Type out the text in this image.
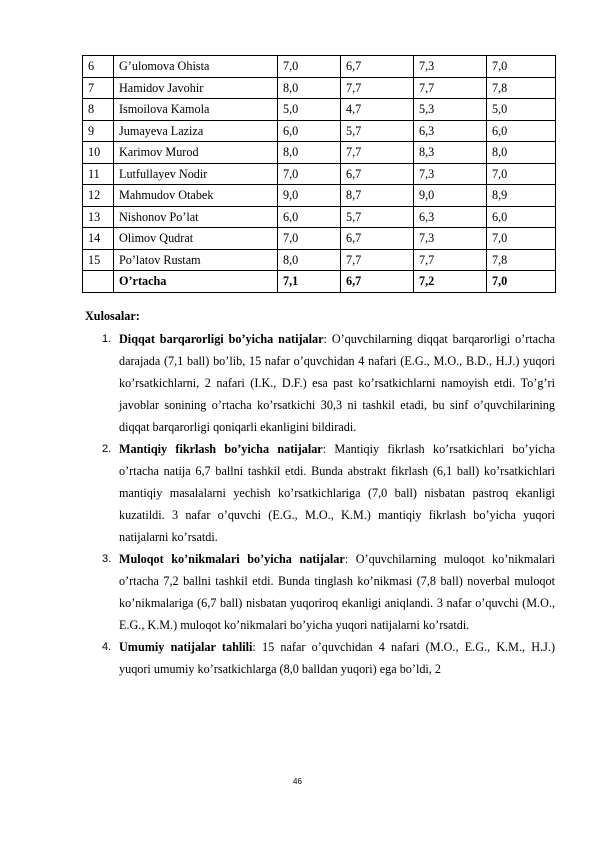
6	G’ulomova Ohista	7,0	6,7	7,3	7,0
7	Hamidov Javohir	8,0	7,7	7,7	7,8
8	Ismoilova Kamola	5,0	4,7	5,3	5,0
9	Jumayeva Laziza	6,0	5,7	6,3	6,0
10	Karimov Murod	8,0	7,7	8,3	8,0
11	Lutfullayev Nodir	7,0	6,7	7,3	7,0
12	Mahmudov Otabek	9,0	8,7	9,0	8,9
13	Nishonov Po’lat	6,0	5,7	6,3	6,0
14	Olimov Qudrat	7,0	6,7	7,3	7,0
15	Po’latov Rustam	8,0	7,7	7,7	7,8
	O’rtacha	7,1	6,7	7,2	7,0
Xulosalar:
1. Diqqat barqarorligi bo’yicha natijalar: O’quvchilarning diqqat barqarorligi o’rtacha darajada (7,1 ball) bo’lib, 15 nafar o’quvchidan 4 nafari (E.G., M.O., B.D., H.J.) yuqori ko’rsatkichlarni, 2 nafari (I.K., D.F.) esa past ko’rsatkichlarni namoyish etdi. To’g’ri javoblar sonining o’rtacha ko’rsatkichi 30,3 ni tashkil etadi, bu sinf o’quvchilarining diqqat barqarorligi qoniqarli ekanligini bildiradi.
2. Mantiqiy fikrlash bo’yicha natijalar: Mantiqiy fikrlash ko’rsatkichlari bo’yicha o’rtacha natija 6,7 ballni tashkil etdi. Bunda abstrakt fikrlash (6,1 ball) ko’rsatkichlari mantiqiy masalalarni yechish ko’rsatkichlariga (7,0 ball) nisbatan pastroq ekanligi kuzatildi. 3 nafar o’quvchi (E.G., M.O., K.M.) mantiqiy fikrlash bo’yicha yuqori natijalarni ko’rsatdi.
3. Muloqot ko’nikmalari bo’yicha natijalar: O’quvchilarning muloqot ko’nikmalari o’rtacha 7,2 ballni tashkil etdi. Bunda tinglash ko’nikmasi (7,8 ball) noverbal muloqot ko’nikmalariga (6,7 ball) nisbatan yuqoriroq ekanligi aniqlandi. 3 nafar o’quvchi (M.O., E.G., K.M.) muloqot ko’nikmalari bo’yicha yuqori natijalarni ko’rsatdi.
4. Umumiy natijalar tahlili: 15 nafar o’quvchidan 4 nafari (M.O., E.G., K.M., H.J.) yuqori umumiy ko’rsatkichlarga (8,0 balldan yuqori) ega bo’ldi, 2
46
